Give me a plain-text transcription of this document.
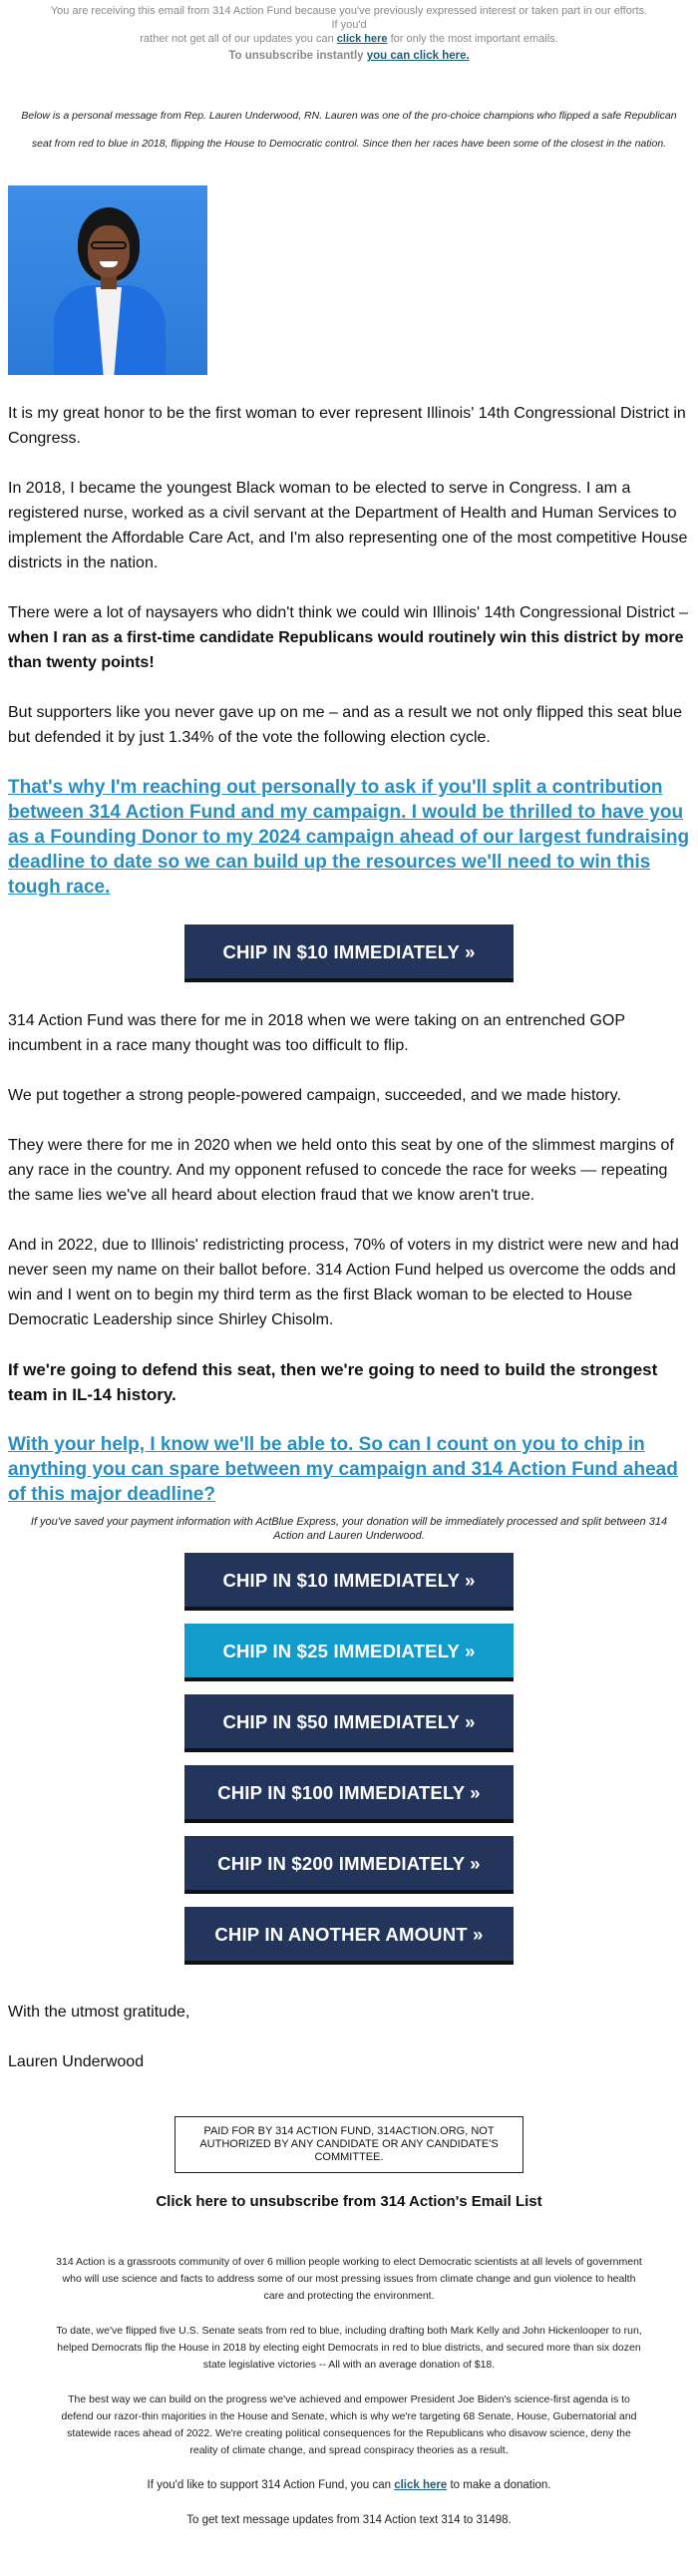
You are receiving this email from 314 Action Fund because you've previously expressed interest or taken part in our efforts. If you'd
rather not get all of our updates you can click here for only the most important emails.
To unsubscribe instantly you can click here.
Below is a personal message from Rep. Lauren Underwood, RN. Lauren was one of the pro-choice champions who flipped a safe Republican seat from red to blue in 2018, flipping the House to Democratic control. Since then her races have been some of the closest in the nation.

It is my great honor to be the first woman to ever represent Illinois' 14th Congressional District in Congress.

In 2018, I became the youngest Black woman to be elected to serve in Congress. I am a registered nurse, worked as a civil servant at the Department of Health and Human Services to implement the Affordable Care Act, and I'm also representing one of the most competitive House districts in the nation.

There were a lot of naysayers who didn't think we could win Illinois' 14th Congressional District – when I ran as a first-time candidate Republicans would routinely win this district by more than twenty points!

But supporters like you never gave up on me – and as a result we not only flipped this seat blue but defended it by just 1.34% of the vote the following election cycle.

That's why I'm reaching out personally to ask if you'll split a contribution between 314 Action Fund and my campaign. I would be thrilled to have you as a Founding Donor to my 2024 campaign ahead of our largest fundraising deadline to date so we can build up the resources we'll need to win this tough race.

CHIP IN $10 IMMEDIATELY »

314 Action Fund was there for me in 2018 when we were taking on an entrenched GOP incumbent in a race many thought was too difficult to flip.

We put together a strong people-powered campaign, succeeded, and we made history.

They were there for me in 2020 when we held onto this seat by one of the slimmest margins of any race in the country. And my opponent refused to concede the race for weeks — repeating the same lies we've all heard about election fraud that we know aren't true.

And in 2022, due to Illinois' redistricting process, 70% of voters in my district were new and had never seen my name on their ballot before. 314 Action Fund helped us overcome the odds and win and I went on to begin my third term as the first Black woman to be elected to House Democratic Leadership since Shirley Chisolm.

If we're going to defend this seat, then we're going to need to build the strongest team in IL-14 history.

With your help, I know we'll be able to. So can I count on you to chip in anything you can spare between my campaign and 314 Action Fund ahead of this major deadline?

If you've saved your payment information with ActBlue Express, your donation will be immediately processed and split between 314 Action and Lauren Underwood.
CHIP IN $10 IMMEDIATELY »
CHIP IN $25 IMMEDIATELY »
CHIP IN $50 IMMEDIATELY »
CHIP IN $100 IMMEDIATELY »
CHIP IN $200 IMMEDIATELY »
CHIP IN ANOTHER AMOUNT »

With the utmost gratitude,

Lauren Underwood

PAID FOR BY 314 ACTION FUND, 314ACTION.ORG, NOT AUTHORIZED BY ANY CANDIDATE OR ANY CANDIDATE'S COMMITTEE.
Click here to unsubscribe from 314 Action's Email List

314 Action is a grassroots community of over 6 million people working to elect Democratic scientists at all levels of government who will use science and facts to address some of our most pressing issues from climate change and gun violence to health care and protecting the environment.

To date, we've flipped five U.S. Senate seats from red to blue, including drafting both Mark Kelly and John Hickenlooper to run, helped Democrats flip the House in 2018 by electing eight Democrats in red to blue districts, and secured more than six dozen state legislative victories -- All with an average donation of $18.

The best way we can build on the progress we've achieved and empower President Joe Biden's science-first agenda is to defend our razor-thin majorities in the House and Senate, which is why we're targeting 68 Senate, House, Gubernatorial and statewide races ahead of 2022. We're creating political consequences for the Republicans who disavow science, deny the reality of climate change, and spread conspiracy theories as a result.

If you'd like to support 314 Action Fund, you can click here to make a donation.

To get text message updates from 314 Action text 314 to 31498.
